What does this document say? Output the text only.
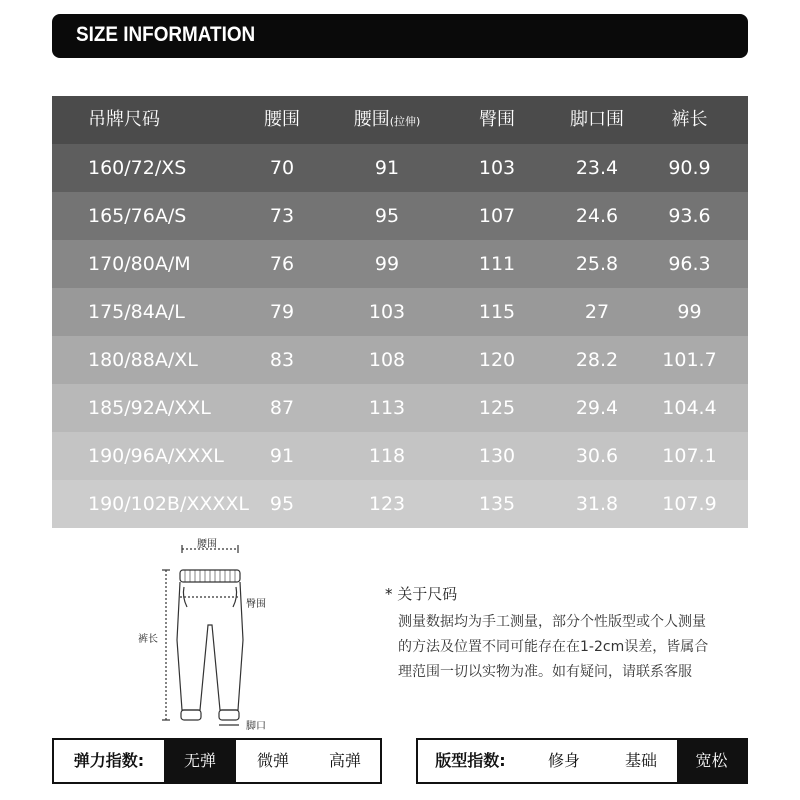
SIZE INFORMATION
吊牌尺码	腰围	腰围(拉伸)	臀围	脚口围	裤长
160/72/XS	70	91	103	23.4	90.9
165/76A/S	73	95	107	24.6	93.6
170/80A/M	76	99	111	25.8	96.3
175/84A/L	79	103	115	27	99
180/88A/XL	83	108	120	28.2	101.7
185/92A/XXL	87	113	125	29.4	104.4
190/96A/XXXL	91	118	130	30.6	107.1
190/102B/XXXXL	95	123	135	31.8	107.9
腰围
臀围
裤长
脚口
* 关于尺码
测量数据均为手工测量，部分个性版型或个人测量
的方法及位置不同可能存在在1-2cm误差，皆属合
理范围一切以实物为准。如有疑问，请联系客服
弹力指数:	无弹	微弹	高弹	版型指数:	修身	基础	宽松
